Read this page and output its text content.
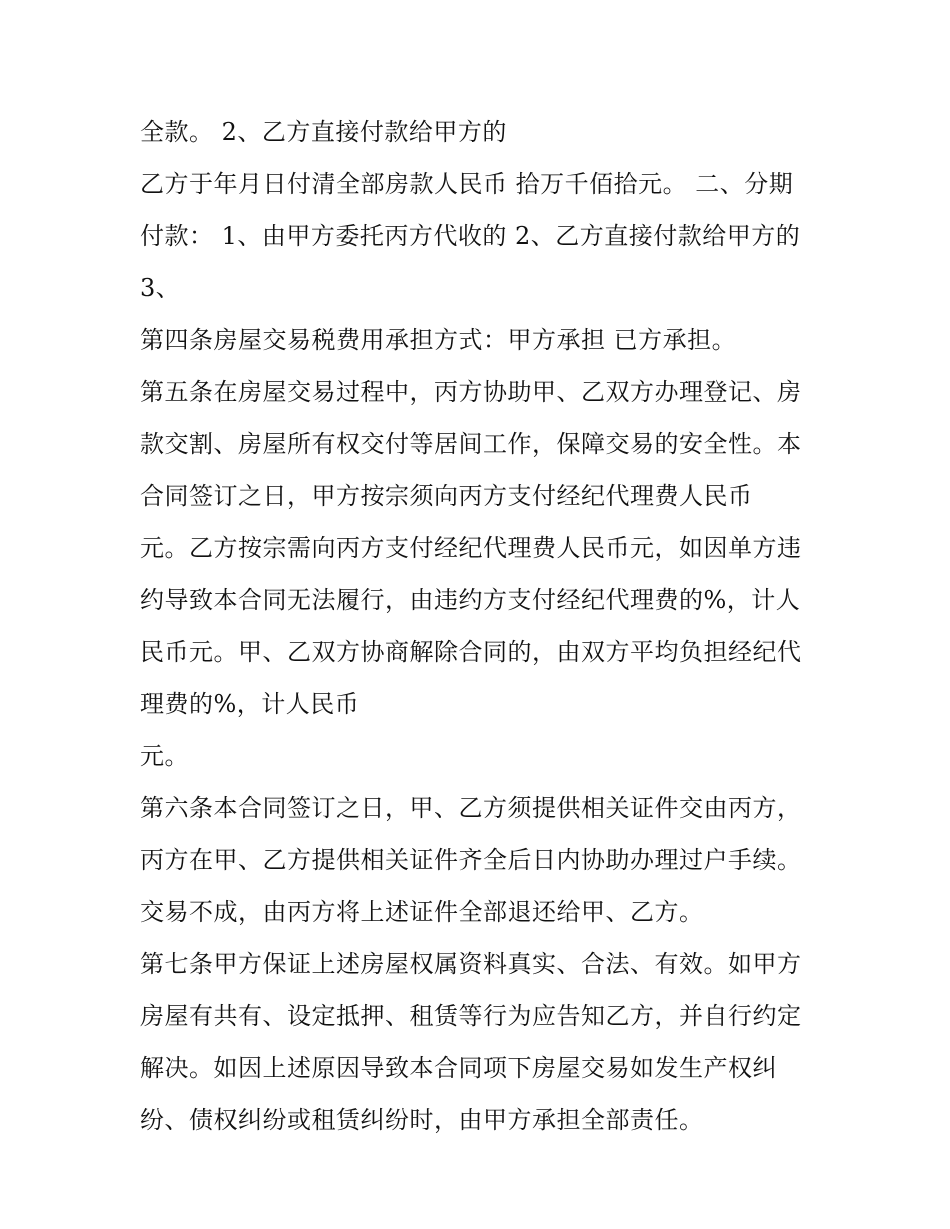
全款。 2、乙方直接付款给甲方的
乙方于年月日付清全部房款人民币 拾万千佰拾元。 二、分期
付款： 1、由甲方委托丙方代收的 2、乙方直接付款给甲方的
3、
第四条房屋交易税费用承担方式：甲方承担 已方承担。
第五条在房屋交易过程中，丙方协助甲、乙双方办理登记、房
款交割、房屋所有权交付等居间工作，保障交易的安全性。本
合同签订之日，甲方按宗须向丙方支付经纪代理费人民币
元。乙方按宗需向丙方支付经纪代理费人民币元，如因单方违
约导致本合同无法履行，由违约方支付经纪代理费的%，计人
民币元。甲、乙双方协商解除合同的，由双方平均负担经纪代
理费的%，计人民币
元。
第六条本合同签订之日，甲、乙方须提供相关证件交由丙方，
丙方在甲、乙方提供相关证件齐全后日内协助办理过户手续。
交易不成，由丙方将上述证件全部退还给甲、乙方。
第七条甲方保证上述房屋权属资料真实、合法、有效。如甲方
房屋有共有、设定抵押、租赁等行为应告知乙方，并自行约定
解决。如因上述原因导致本合同项下房屋交易如发生产权纠
纷、债权纠纷或租赁纠纷时，由甲方承担全部责任。
